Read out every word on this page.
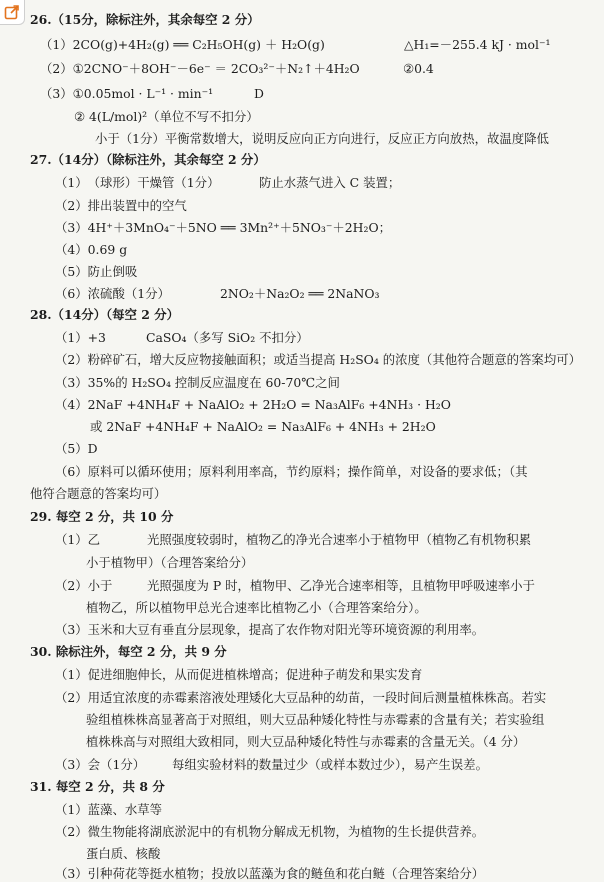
26.（15分，除标注外，其余每空 2 分）
（1）2CO(g)+4H₂(g) ══ C₂H₅OH(g) ＋ H₂O(g)	△H₁=－255.4 kJ · mol⁻¹
（2）①2CNO⁻＋8OH⁻－6e⁻ ＝ 2CO₃²⁻＋N₂↑＋4H₂O	②0.4
（3）①0.05mol · L⁻¹ · min⁻¹	D
② 4(L/mol)²（单位不写不扣分）
小于（1分）平衡常数增大，说明反应向正方向进行，反应正方向放热，故温度降低
27.（14分）（除标注外，其余每空 2 分）
（1）（球形）干燥管（1分）	防止水蒸气进入 C 装置；
（2）排出装置中的空气
（3）4H⁺＋3MnO₄⁻＋5NO ══ 3Mn²⁺＋5NO₃⁻＋2H₂O；
（4）0.69 g
（5）防止倒吸
（6）浓硫酸（1分）	2NO₂＋Na₂O₂ ══ 2NaNO₃
28.（14分）（每空 2 分）
（1）+3	CaSO₄（多写 SiO₂ 不扣分）
（2）粉碎矿石，增大反应物接触面积；或适当提高 H₂SO₄ 的浓度（其他符合题意的答案均可）
（3）35%的 H₂SO₄ 控制反应温度在 60-70℃之间
（4）2NaF +4NH₄F + NaAlO₂ + 2H₂O = Na₃AlF₆ +4NH₃ · H₂O
或 2NaF +4NH₄F + NaAlO₂ = Na₃AlF₆ + 4NH₃ + 2H₂O
（5）D
（6）原料可以循环使用；原料利用率高，节约原料；操作简单，对设备的要求低；（其
他符合题意的答案均可）
29. 每空 2 分，共 10 分
（1）乙	光照强度较弱时，植物乙的净光合速率小于植物甲（植物乙有机物积累
小于植物甲）（合理答案给分）
（2）小于	光照强度为 P 时，植物甲、乙净光合速率相等，且植物甲呼吸速率小于
植物乙，所以植物甲总光合速率比植物乙小（合理答案给分）。
（3）玉米和大豆有垂直分层现象，提高了农作物对阳光等环境资源的利用率。
30. 除标注外，每空 2 分，共 9 分
（1）促进细胞伸长，从而促进植株增高；促进种子萌发和果实发育
（2）用适宜浓度的赤霉素溶液处理矮化大豆品种的幼苗，一段时间后测量植株株高。若实
验组植株株高显著高于对照组，则大豆品种矮化特性与赤霉素的含量有关；若实验组
植株株高与对照组大致相同，则大豆品种矮化特性与赤霉素的含量无关。（4 分）
（3）会（1分） 每组实验材料的数量过少（或样本数过少），易产生误差。
31. 每空 2 分，共 8 分
（1）蓝藻、水草等
（2）微生物能将湖底淤泥中的有机物分解成无机物，为植物的生长提供营养。
蛋白质、核酸
（3）引种荷花等挺水植物；投放以蓝藻为食的鲢鱼和花白鲢（合理答案给分）
